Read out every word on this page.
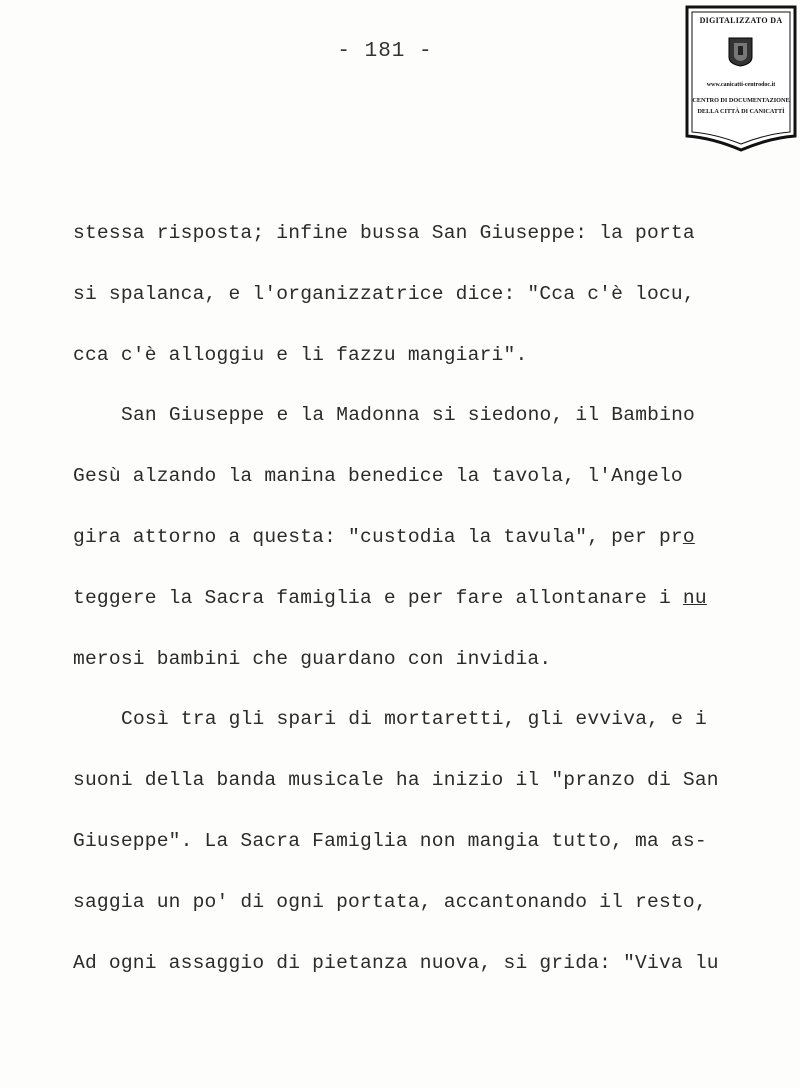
- 181 -
DIGITALIZZATO DA
www.canicatti-centrodoc.it
CENTRO DI DOCUMENTAZIONE
DELLA CITTÀ DI CANICATTÌ
stessa risposta; infine bussa San Giuseppe: la porta
si spalanca, e l'organizzatrice dice: "Cca c'è locu,
cca c'è alloggiu e li fazzu mangiari".
San Giuseppe e la Madonna si siedono, il Bambino
Gesù alzando la manina benedice la tavola, l'Angelo
gira attorno a questa: "custodia la tavula", per pro
teggere la Sacra famiglia e per fare allontanare i nu
merosi bambini che guardano con invidia.
Così tra gli spari di mortaretti, gli evviva, e i
suoni della banda musicale ha inizio il "pranzo di San
Giuseppe". La Sacra Famiglia non mangia tutto, ma as-
saggia un po' di ogni portata, accantonando il resto,
Ad ogni assaggio di pietanza nuova, si grida: "Viva lu
